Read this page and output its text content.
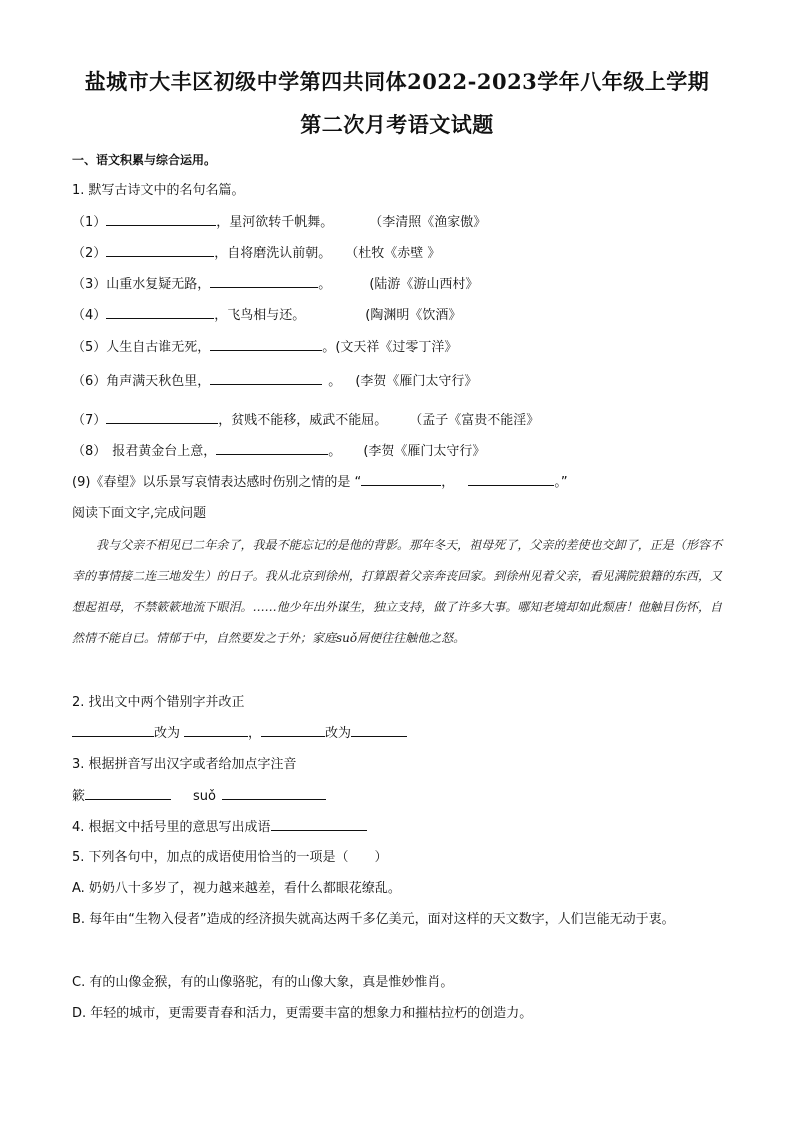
盐城市大丰区初级中学第四共同体2022-2023学年八年级上学期
第二次月考语文试题
一、语文积累与综合运用。
1. 默写古诗文中的名句名篇。
（1）	，星河欲转千帆舞。	（李清照《渔家傲》
（2）	，自将磨洗认前朝。 （杜牧《赤壁 》
（3）山重水复疑无路，	。	(陆游《游山西村》
（4）	，飞鸟相与还。	(陶渊明《饮酒》
（5）人生自古谁无死，	。(文天祥《过零丁洋》
（6）角声满天秋色里，	。 (李贺《雁门太守行》
（7）	，贫贱不能移，威武不能屈。 （孟子《富贵不能淫》
（8） 报君黄金台上意，	。 (李贺《雁门太守行》
(9)《春望》以乐景写哀情表达感时伤别之情的是 “	，	。”
阅读下面文字,完成问题

我与父亲不相见已二年余了，我最不能忘记的是他的背影。那年冬天，祖母死了，父亲的差使也交卸了，正是（形容不幸的事情接二连三地发生）的日子。我从北京到徐州，打算跟着父亲奔丧回家。到徐州见着父亲，看见满院狼籍的东西，又想起祖母，不禁簌簌地流下眼泪。……他少年出外谋生，独立支持，做了许多大事。哪知老境却如此颓唐！他触目伤怀，自然情不能自已。情郁于中，自然要发之于外；家庭suǒ屑便往往触他之怒。

2. 找出文中两个错别字并改正
改为	，	改为
3. 根据拼音写出汉字或者给加点字注音
簌	suǒ
4. 根据文中括号里的意思写出成语
5. 下列各句中，加点的成语使用恰当的一项是（　　）
A. 奶奶八十多岁了，视力越来越差，看什么都眼花缭乱。
B. 每年由“生物入侵者”造成的经济损失就高达两千多亿美元，面对这样的天文数字，人们岂能无动于衷。
C. 有的山像金猴，有的山像骆驼，有的山像大象，真是惟妙惟肖。
D. 年轻的城市，更需要青春和活力，更需要丰富的想象力和摧枯拉朽的创造力。
